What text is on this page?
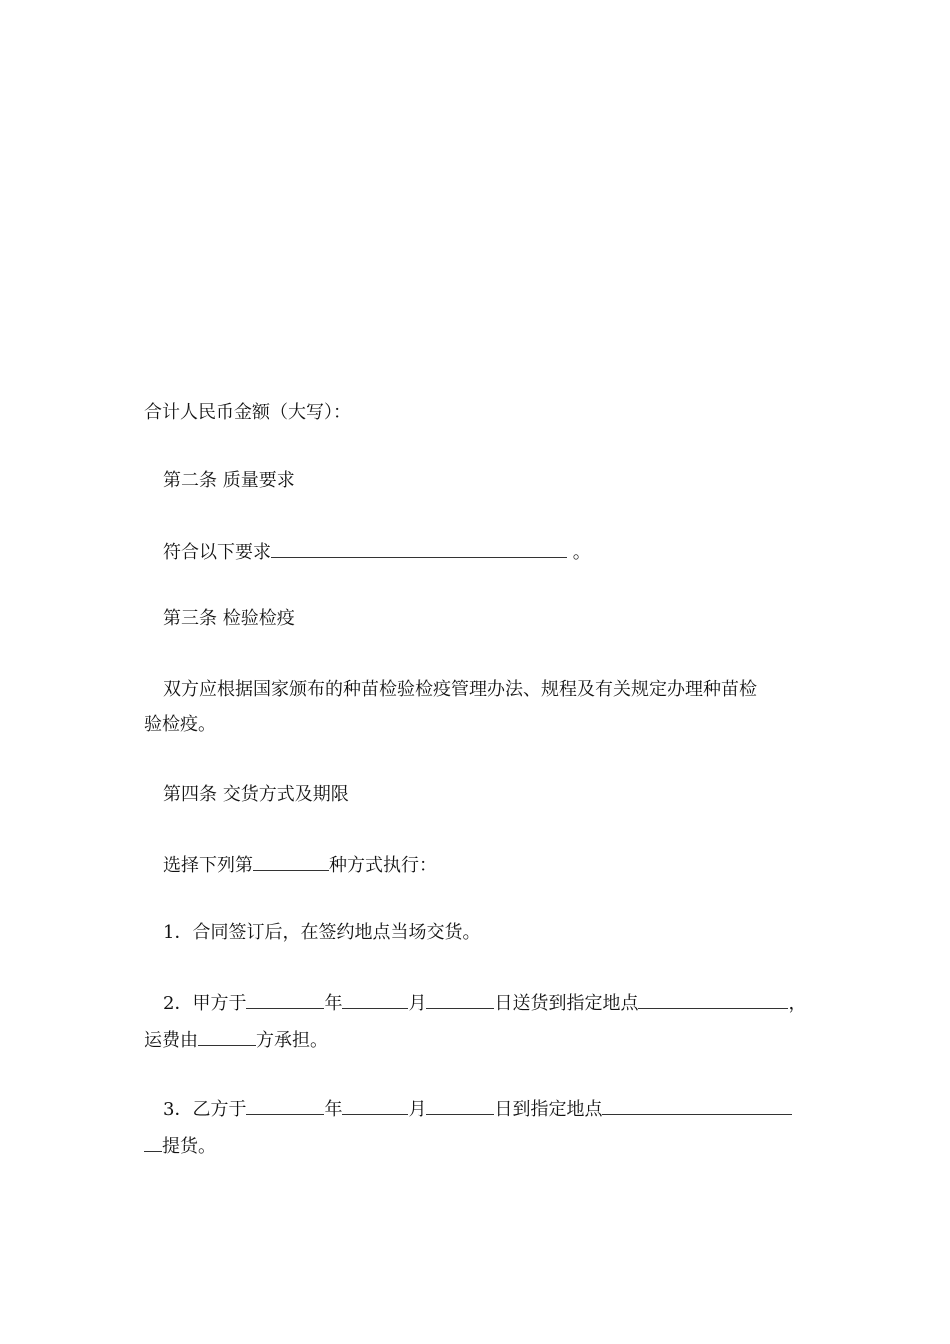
合计人民币金额（大写）：
第二条 质量要求
符合以下要求	。
第三条 检验检疫
双方应根据国家颁布的种苗检验检疫管理办法、规程及有关规定办理种苗检
验检疫。
第四条 交货方式及期限
选择下列第	种方式执行：
1．合同签订后，在签约地点当场交货。
2．甲方于	年	月	日送货到指定地点	，
运费由	方承担。
3．乙方于	年	月	日到指定地点
提货。
